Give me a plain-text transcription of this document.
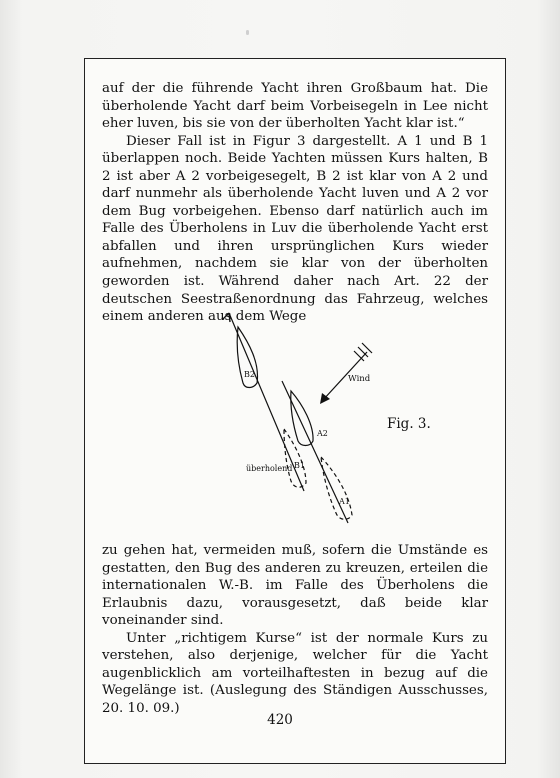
auf der die führende Yacht ihren Großbaum hat. Die überholende Yacht darf beim Vorbeisegeln in Lee nicht eher luven, bis sie von der überholten Yacht klar ist.“

Dieser Fall ist in Figur 3 dargestellt. A 1 und B 1 überlappen noch. Beide Yachten müssen Kurs halten, B 2 ist aber A 2 vorbeigesegelt, B 2 ist klar von A 2 und darf nunmehr als überholende Yacht luven und A 2 vor dem Bug vorbeigehen. Ebenso darf natürlich auch im Falle des Überholens in Luv die überholende Yacht erst abfallen und ihren ursprünglichen Kurs wieder aufnehmen, nachdem sie klar von der überholten geworden ist. Während daher nach Art. 22 der deutschen Seestraßenordnung das Fahrzeug, welches einem anderen aus dem Wege

Wind
B2
A2
B1
A1
überholend
Fig. 3.

zu gehen hat, vermeiden muß, sofern die Umstände es gestatten, den Bug des anderen zu kreuzen, erteilen die internationalen W.-B. im Falle des Überholens die Erlaubnis dazu, vorausgesetzt, daß beide klar voneinander sind.

Unter „richtigem Kurse“ ist der normale Kurs zu verstehen, also derjenige, welcher für die Yacht augenblicklich am vorteilhaftesten in bezug auf die Wegelänge ist. (Auslegung des Ständigen Ausschusses, 20. 10. 09.)

420
